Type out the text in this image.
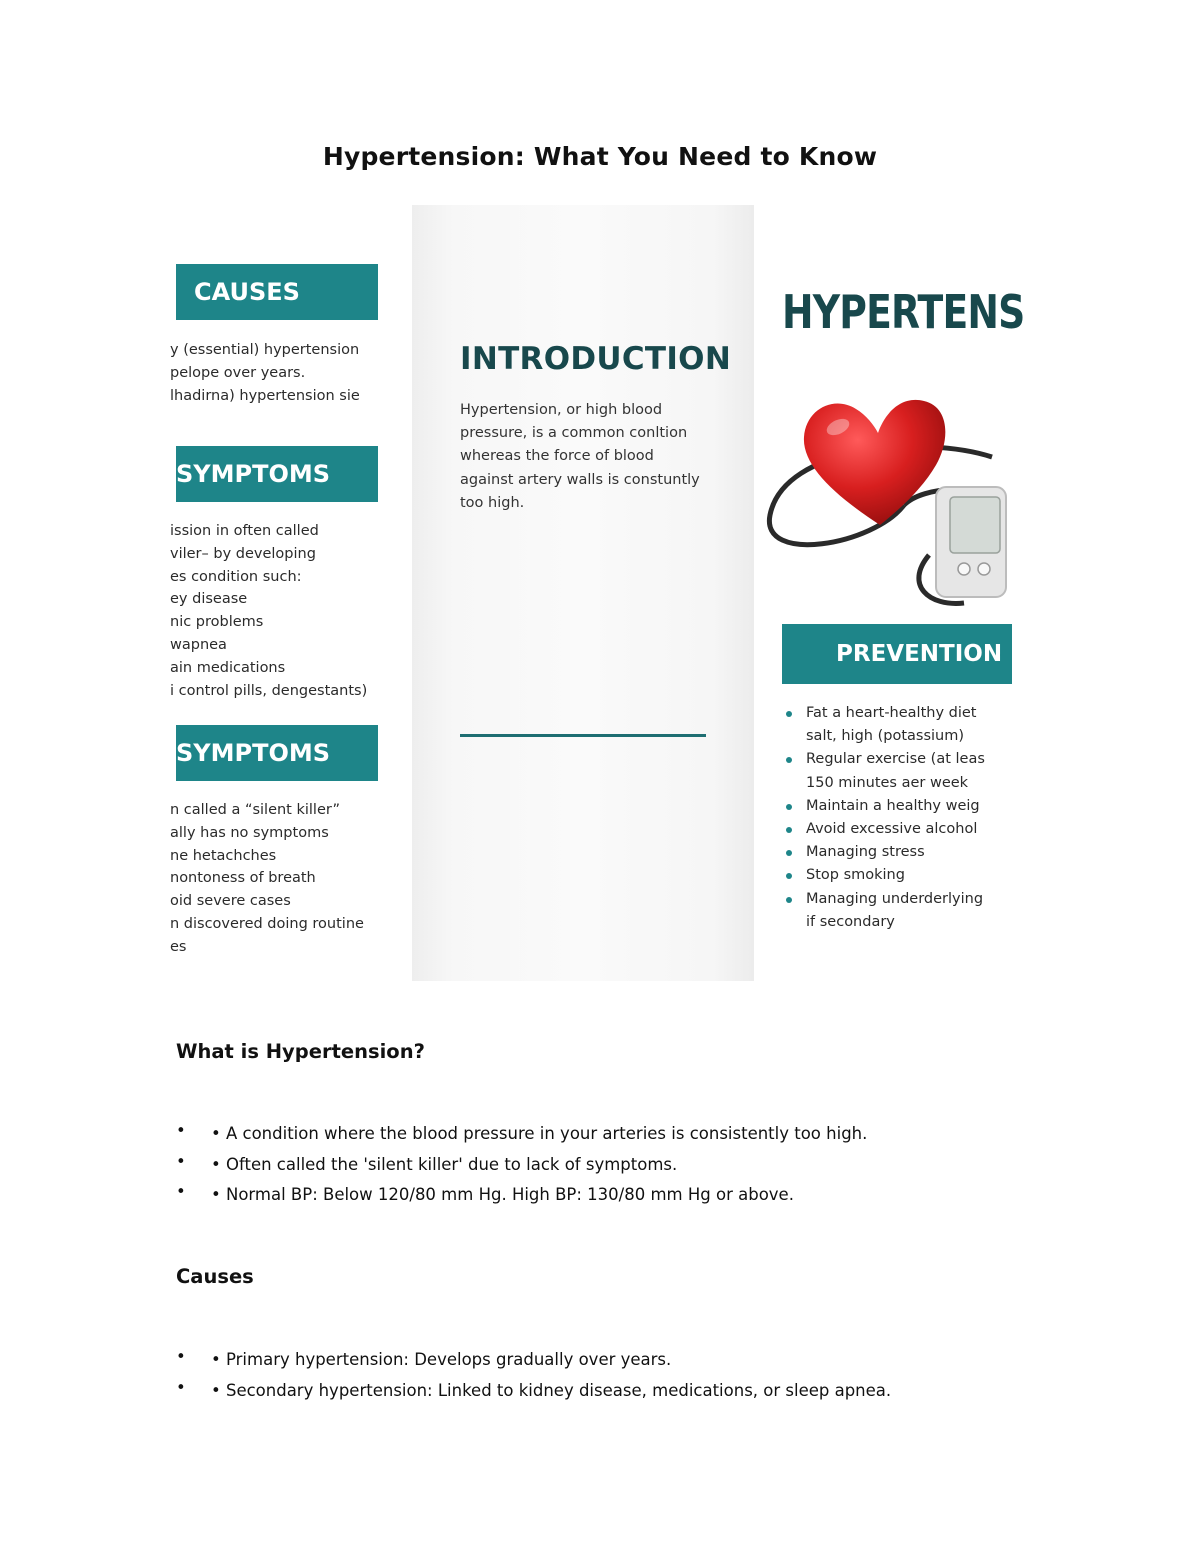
Hypertension: What You Need to Know
CAUSES
y (essential) hypertension
pelope over years.
lhadirna) hypertension sie
SYMPTOMS
ission in often called
viler– by developing
es condition such:
ey disease
nic problems
wapnea
ain medications
i control pills, dengestants)
SYMPTOMS
n called a “silent killer”
ally has no symptoms
ne hetachches
nontoness of breath
oid severe cases
n discovered doing routine
es
INTRODUCTION
Hypertension, or high blood
pressure, is a common conltion
whereas the force of blood
against artery walls is constuntly
too high.
HYPERTENS
PREVENTION
Fat a heart-healthy diet
salt, high (potassium)
Regular exercise (at leas
150 minutes aer week
Maintain a healthy weig
Avoid excessive alcohol
Managing stress
Stop smoking
Managing underderlying
if secondary
What is Hypertension?
• • A condition where the blood pressure in your arteries is consistently too high.
• • Often called the 'silent killer' due to lack of symptoms.
• • Normal BP: Below 120/80 mm Hg. High BP: 130/80 mm Hg or above.
Causes
• • Primary hypertension: Develops gradually over years.
• • Secondary hypertension: Linked to kidney disease, medications, or sleep apnea.
